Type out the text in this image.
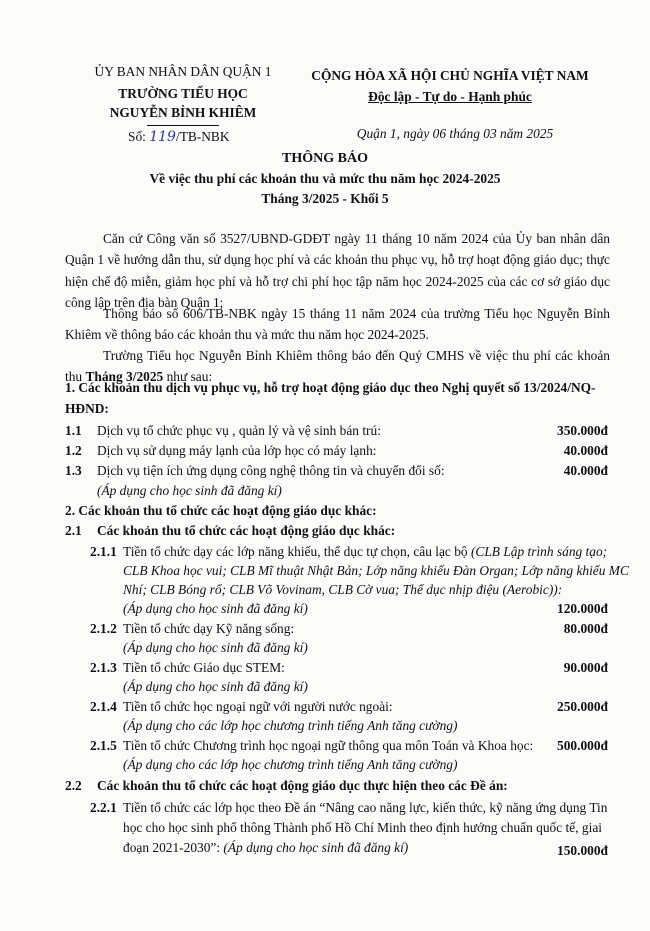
ỦY BAN NHÂN DÂN QUẬN 1
TRƯỜNG TIỂU HỌC
NGUYỄN BỈNH KHIÊM
Số: 119/TB-NBK
CỘNG HÒA XÃ HỘI CHỦ NGHĨA VIỆT NAM
Độc lập - Tự do - Hạnh phúc
Quận 1, ngày 06 tháng 03 năm 2025
THÔNG BÁO
Về việc thu phí các khoản thu và mức thu năm học 2024-2025
Tháng 3/2025 - Khối 5
Căn cứ Công văn số 3527/UBND-GDĐT ngày 11 tháng 10 năm 2024 của Ủy ban nhân dân Quận 1 về hướng dẫn thu, sử dụng học phí và các khoản thu phục vụ, hỗ trợ hoạt động giáo dục; thực hiện chế độ miễn, giảm học phí và hỗ trợ chi phí học tập năm học 2024-2025 của các cơ sở giáo dục công lập trên địa bàn Quận 1;
Thông báo số 606/TB-NBK ngày 15 tháng 11 năm 2024 của trường Tiểu học Nguyễn Bỉnh Khiêm về thông báo các khoản thu và mức thu năm học 2024-2025.
Trường Tiểu học Nguyễn Bỉnh Khiêm thông báo đến Quý CMHS về việc thu phí các khoản thu Tháng 3/2025 như sau:
1. Các khoản thu dịch vụ phục vụ, hỗ trợ hoạt động giáo dục theo Nghị quyết số 13/2024/NQ-
HĐND:
1.1 Dịch vụ tổ chức phục vụ , quản lý và vệ sinh bán trú:	350.000đ
1.2 Dịch vụ sử dụng máy lạnh của lớp học có máy lạnh:	40.000đ
1.3 Dịch vụ tiện ích ứng dụng công nghệ thông tin và chuyển đổi số:	40.000đ
(Áp dụng cho học sinh đã đăng kí)
2. Các khoản thu tổ chức các hoạt động giáo dục khác:
2.1 Các khoản thu tổ chức các hoạt động giáo dục khác:
2.1.1 Tiền tổ chức dạy các lớp năng khiếu, thể dục tự chọn, câu lạc bộ (CLB Lập trình sáng tạo;
CLB Khoa học vui; CLB Mĩ thuật Nhật Bản; Lớp năng khiếu Đàn Organ; Lớp năng khiếu MC
Nhí; CLB Bóng rổ; CLB Võ Vovinam, CLB Cờ vua; Thể dục nhịp điệu (Aerobic)):
(Áp dụng cho học sinh đã đăng kí)	120.000đ
2.1.2 Tiền tổ chức dạy Kỹ năng sống:	80.000đ
(Áp dụng cho học sinh đã đăng kí)
2.1.3 Tiền tổ chức Giáo dục STEM:	90.000đ
(Áp dụng cho học sinh đã đăng kí)
2.1.4 Tiền tổ chức học ngoại ngữ với người nước ngoài:	250.000đ
(Áp dụng cho các lớp học chương trình tiếng Anh tăng cường)
2.1.5 Tiền tổ chức Chương trình học ngoại ngữ thông qua môn Toán và Khoa học: 500.000đ
(Áp dụng cho các lớp học chương trình tiếng Anh tăng cường)
2.2 Các khoản thu tổ chức các hoạt động giáo dục thực hiện theo các Đề án:
2.2.1 Tiền tổ chức các lớp học theo Đề án “Nâng cao năng lực, kiến thức, kỹ năng ứng dụng Tin
học cho học sinh phổ thông Thành phố Hồ Chí Minh theo định hướng chuẩn quốc tế, giai
đoạn 2021-2030”: (Áp dụng cho học sinh đã đăng kí)	150.000đ
